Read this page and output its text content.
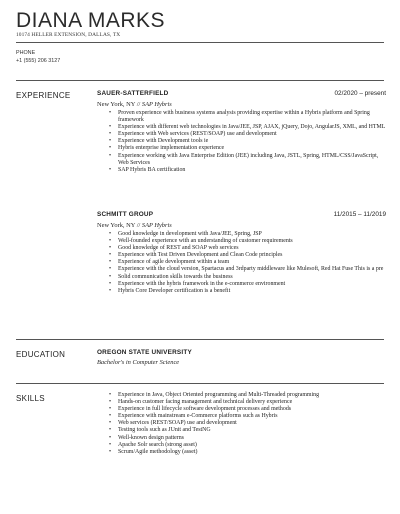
DIANA MARKS
10174 HELLER EXTENSION, DALLAS, TX
PHONE
+1 (555) 206 3127
EXPERIENCE	SAUER-SATTERFIELD	02/2020 – present
New York, NY // SAP Hybris
• Proven experience with business systems analysis providing expertise within a Hybris platform and Spring framework
• Experience with different web technologies in Java/JEE, JSP, AJAX, jQuery, Dojo, AngularJS, XML, and HTML
• Experience with Web services (REST/SOAP) use and development
• Experience with Development tools ie
• Hybris enterprise implementation experience
• Experience working with Java Enterprise Edition (JEE) including Java, JSTL, Spring, HTML/CSS/JavaScript, Web Services
• SAP Hybris BA certification
SCHMITT GROUP	11/2015 – 11/2019
New York, NY // SAP Hybris
• Good knowledge in development with Java/JEE, Spring, JSP
• Well-founded experience with an understanding of customer requirements
• Good knowledge of REST and SOAP web services
• Experience with Test Driven Development and Clean Code principles
• Experience of agile development within a team
• Experience with the cloud version, Spartacus and 3rdparty middleware like Mulesoft, Red Hat Fuse This is a pre
• Solid communication skills towards the business
• Experience with the hybris framework in the e-commerce environment
• Hybris Core Developer certification is a benefit
EDUCATION	OREGON STATE UNIVERSITY
Bachelor's in Computer Science
SKILLS
•	Experience in Java, Object Oriented programming and Multi-Threaded programming
• Hands-on customer facing management and technical delivery experience
• Experience in full lifecycle software development processes and methods
• Experience with mainstream e-Commerce platforms such as Hybris
• Web services (REST/SOAP) use and development
• Testing tools such as JUnit and TestNG
• Well-known design patterns
• Apache Solr search (strong asset)
• Scrum/Agile methodology (asset)
